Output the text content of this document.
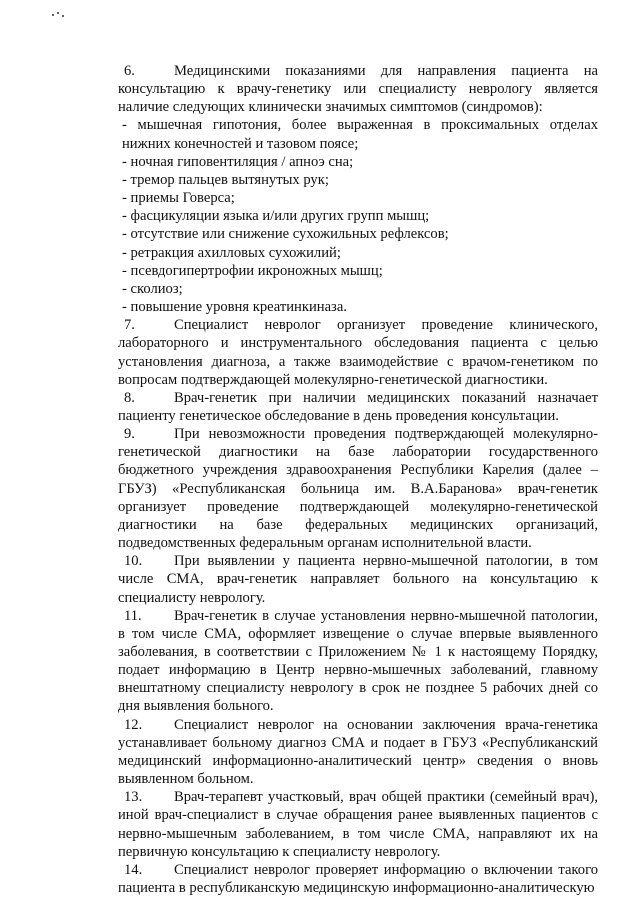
6.	Медицинскими показаниями для направления пациента на консультацию к врачу-генетику или специалисту неврологу является наличие следующих клинически значимых симптомов (синдромов):

- мышечная гипотония, более выраженная в проксимальных отделах нижних конечностей и тазовом поясе;
- ночная гиповентиляция / апноэ сна;
- тремор пальцев вытянутых рук;
- приемы Говерса;
- фасцикуляции языка и/или других групп мышц;
- отсутствие или снижение сухожильных рефлексов;
- ретракция ахилловых сухожилий;
- псевдогипертрофии икроножных мышц;
- сколиоз;
- повышение уровня креатинкиназа.

7.	Специалист невролог организует проведение клинического, лабораторного и инструментального обследования пациента с целью установления диагноза, а также взаимодействие с врачом-генетиком по вопросам подтверждающей молекулярно-генетической диагностики.

8.	Врач-генетик при наличии медицинских показаний назначает пациенту генетическое обследование в день проведения консультации.

9.	При невозможности проведения подтверждающей молекулярно-генетической диагностики на базе лаборатории государственного бюджетного учреждения здравоохранения Республики Карелия (далее – ГБУЗ) «Республиканская больница им. В.А.Баранова» врач-генетик организует проведение подтверждающей молекулярно-генетической диагностики на базе федеральных медицинских организаций, подведомственных федеральным органам исполнительной власти.

10. При выявлении у пациента нервно-мышечной патологии, в том числе СМА, врач-генетик направляет больного на консультацию к специалисту неврологу.

11. Врач-генетик в случае установления нервно-мышечной патологии, в том числе СМА, оформляет извещение о случае впервые выявленного заболевания, в соответствии с Приложением № 1 к настоящему Порядку, подает информацию в Центр нервно-мышечных заболеваний, главному внештатному специалисту неврологу в срок не позднее 5 рабочих дней со дня выявления больного.

12. Специалист невролог на основании заключения врача-генетика устанавливает больному диагноз СМА и подает в ГБУЗ «Республиканский медицинский информационно-аналитический центр» сведения о вновь выявленном больном.

13. Врач-терапевт участковый, врач общей практики (семейный врач), иной врач-специалист в случае обращения ранее выявленных пациентов с нервно-мышечным заболеванием, в том числе СМА, направляют их на первичную консультацию к специалисту неврологу.

14. Специалист невролог проверяет информацию о включении такого пациента в республиканскую медицинскую информационно-аналитическую
